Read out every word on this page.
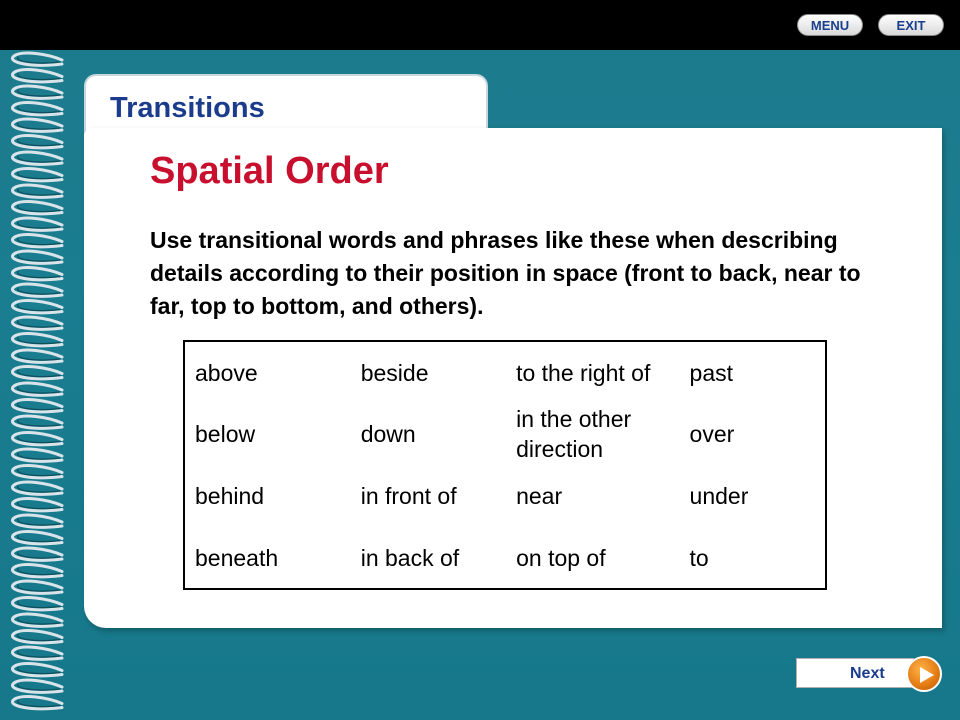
MENU	EXIT
Transitions
Spatial Order
Use transitional words and phrases like these when describing details according to their position in space (front to back, near to far, top to bottom, and others).
above	beside	to the right of	past
below	down	in the other direction	over
behind	in front of	near	under
beneath	in back of	on top of	to
Next
